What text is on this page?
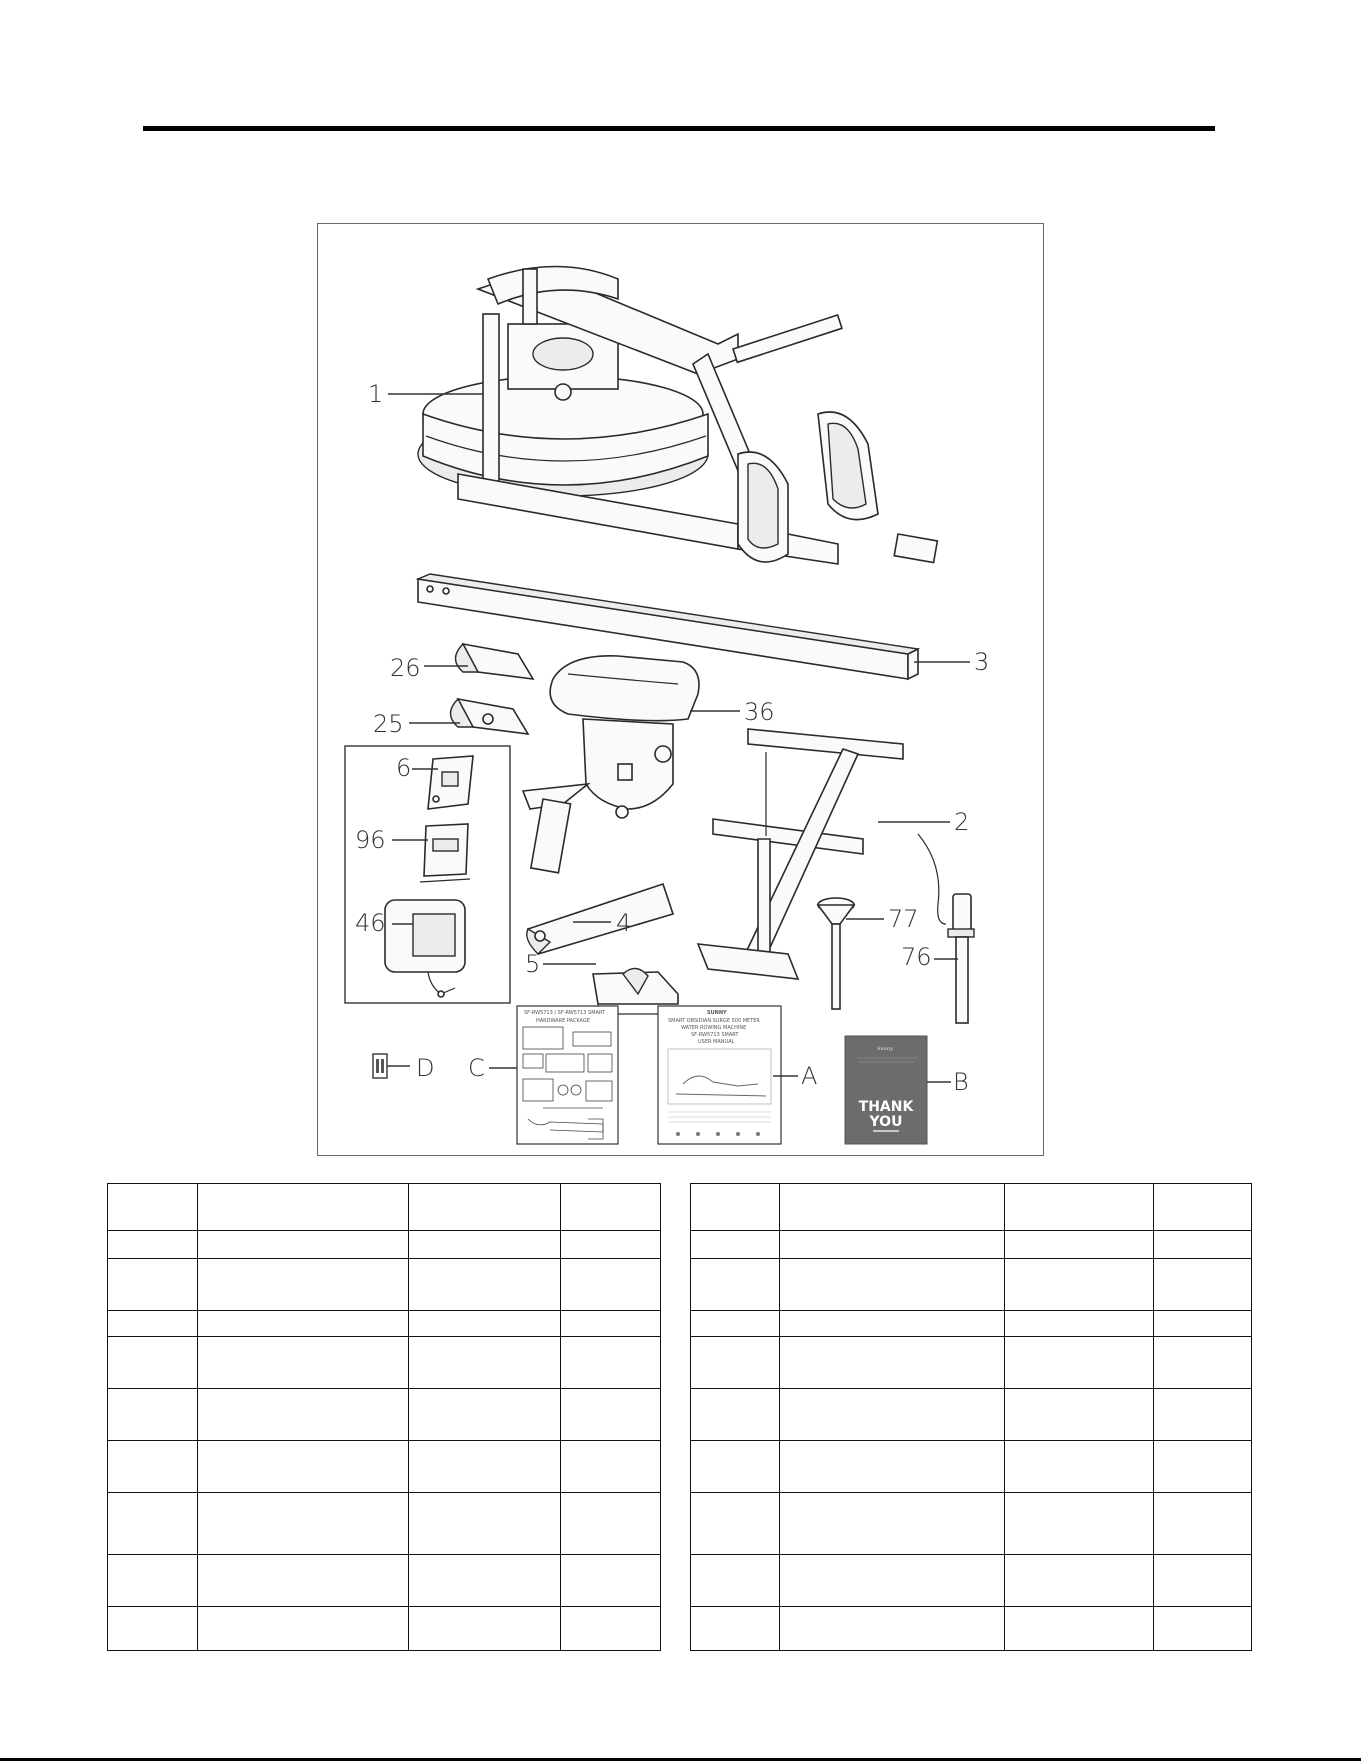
1
3
26
25	36
6
96
46	4
5
2
77
76
D
SF-RW5713 / SF-RW5713 SMART
HARDWARE PACKAGE
C
SUNNY
SMART OBSIDIAN SURGE 500 METER
WATER ROWING MACHINE
SF-RW5713 SMART
USER MANUAL
A
Sunny
THANK
YOU
B
